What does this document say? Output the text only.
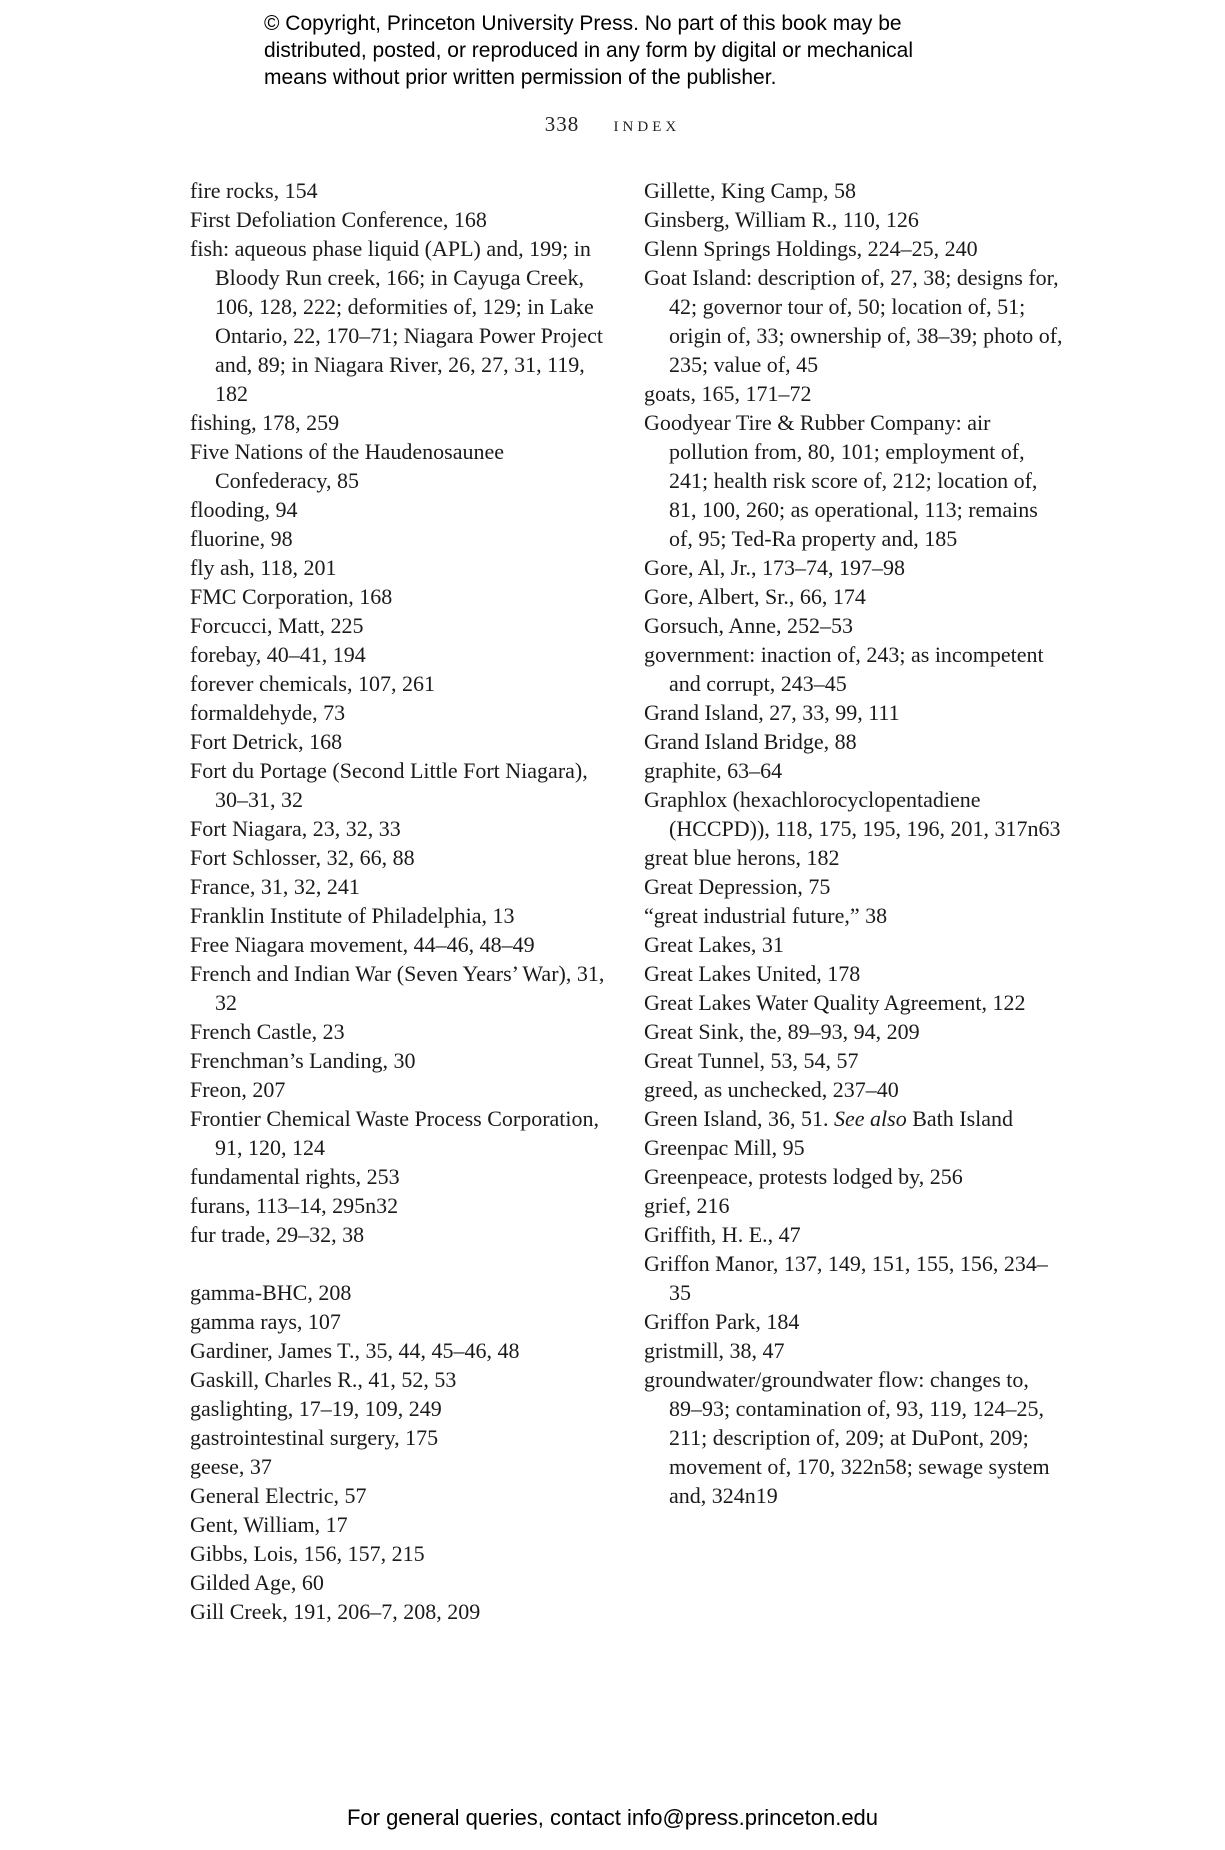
© Copyright, Princeton University Press. No part of this book may be
distributed, posted, or reproduced in any form by digital or mechanical
means without prior written permission of the publisher.
338 index
fire rocks, 154
First Defoliation Conference, 168
fish: aqueous phase liquid (APL) and, 199; in Bloody Run creek, 166; in Cayuga Creek, 106, 128, 222; deformities of, 129; in Lake Ontario, 22, 170–71; Niagara Power Project and, 89; in Niagara River, 26, 27, 31, 119, 182
fishing, 178, 259
Five Nations of the Haudenosaunee Confederacy, 85
flooding, 94
fluorine, 98
fly ash, 118, 201
FMC Corporation, 168
Forcucci, Matt, 225
forebay, 40–41, 194
forever chemicals, 107, 261
formaldehyde, 73
Fort Detrick, 168
Fort du Portage (Second Little Fort Niagara), 30–31, 32
Fort Niagara, 23, 32, 33
Fort Schlosser, 32, 66, 88
France, 31, 32, 241
Franklin Institute of Philadelphia, 13
Free Niagara movement, 44–46, 48–49
French and Indian War (Seven Years’ War), 31, 32
French Castle, 23
Frenchman’s Landing, 30
Freon, 207
Frontier Chemical Waste Process Corporation, 91, 120, 124
fundamental rights, 253
furans, 113–14, 295n32
fur trade, 29–32, 38
gamma-BHC, 208
gamma rays, 107
Gardiner, James T., 35, 44, 45–46, 48
Gaskill, Charles R., 41, 52, 53
gaslighting, 17–19, 109, 249
gastrointestinal surgery, 175
geese, 37
General Electric, 57
Gent, William, 17
Gibbs, Lois, 156, 157, 215
Gilded Age, 60
Gill Creek, 191, 206–7, 208, 209
Gillette, King Camp, 58
Ginsberg, William R., 110, 126
Glenn Springs Holdings, 224–25, 240
Goat Island: description of, 27, 38; designs for, 42; governor tour of, 50; location of, 51; origin of, 33; ownership of, 38–39; photo of, 235; value of, 45
goats, 165, 171–72
Goodyear Tire & Rubber Company: air pollution from, 80, 101; employment of, 241; health risk score of, 212; location of, 81, 100, 260; as operational, 113; remains of, 95; Ted-Ra property and, 185
Gore, Al, Jr., 173–74, 197–98
Gore, Albert, Sr., 66, 174
Gorsuch, Anne, 252–53
government: inaction of, 243; as incompetent and corrupt, 243–45
Grand Island, 27, 33, 99, 111
Grand Island Bridge, 88
graphite, 63–64
Graphlox (hexachlorocyclopentadiene (HCCPD)), 118, 175, 195, 196, 201, 317n63
great blue herons, 182
Great Depression, 75
“great industrial future,” 38
Great Lakes, 31
Great Lakes United, 178
Great Lakes Water Quality Agreement, 122
Great Sink, the, 89–93, 94, 209
Great Tunnel, 53, 54, 57
greed, as unchecked, 237–40
Green Island, 36, 51. See also Bath Island
Greenpac Mill, 95
Greenpeace, protests lodged by, 256
grief, 216
Griffith, H. E., 47
Griffon Manor, 137, 149, 151, 155, 156, 234–35
Griffon Park, 184
gristmill, 38, 47
groundwater/groundwater flow: changes to, 89–93; contamination of, 93, 119, 124–25, 211; description of, 209; at DuPont, 209; movement of, 170, 322n58; sewage system and, 324n19
For general queries, contact info@press.princeton.edu
